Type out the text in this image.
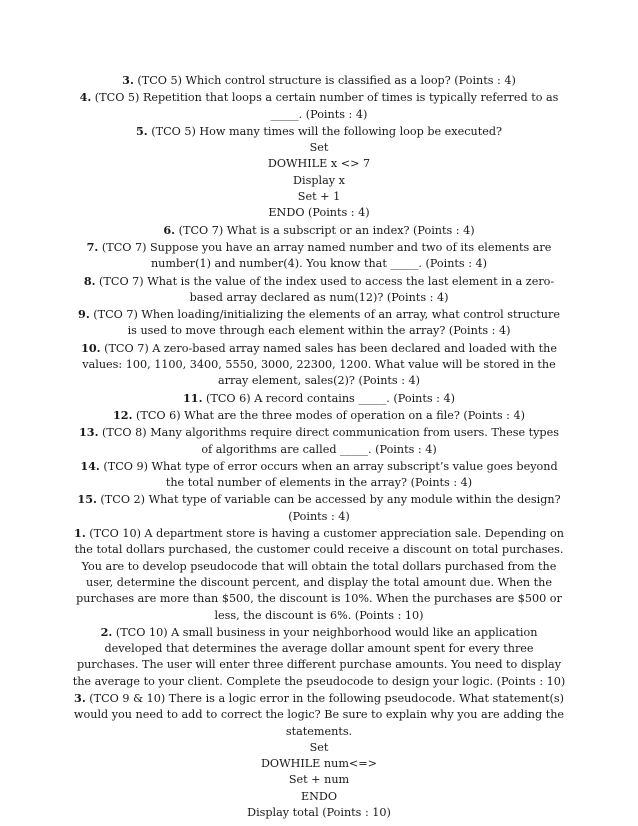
3. (TCO 5) Which control structure is classified as a loop? (Points : 4)

4. (TCO 5) Repetition that loops a certain number of times is typically referred to as _____. (Points : 4)

5. (TCO 5) How many times will the following loop be executed?

Set

DOWHILE x <> 7

Display x

Set + 1

ENDO (Points : 4)

6. (TCO 7) What is a subscript or an index? (Points : 4)

7. (TCO 7) Suppose you have an array named number and two of its elements are number(1) and number(4). You know that _____. (Points : 4)

8. (TCO 7) What is the value of the index used to access the last element in a zero-based array declared as num(12)? (Points : 4)

9. (TCO 7) When loading/initializing the elements of an array, what control structure is used to move through each element within the array? (Points : 4)

10. (TCO 7) A zero-based array named sales has been declared and loaded with the values: 100, 1100, 3400, 5550, 3000, 22300, 1200. What value will be stored in the array element, sales(2)? (Points : 4)

11. (TCO 6) A record contains _____. (Points : 4)

12. (TCO 6) What are the three modes of operation on a file? (Points : 4)

13. (TCO 8) Many algorithms require direct communication from users. These types of algorithms are called _____. (Points : 4)

14. (TCO 9) What type of error occurs when an array subscript’s value goes beyond the total number of elements in the array? (Points : 4)

15. (TCO 2) What type of variable can be accessed by any module within the design? (Points : 4)

1. (TCO 10) A department store is having a customer appreciation sale. Depending on the total dollars purchased, the customer could receive a discount on total purchases. You are to develop pseudocode that will obtain the total dollars purchased from the user, determine the discount percent, and display the total amount due. When the purchases are more than $500, the discount is 10%. When the purchases are $500 or less, the discount is 6%. (Points : 10)

2. (TCO 10) A small business in your neighborhood would like an application developed that determines the average dollar amount spent for every three purchases. The user will enter three different purchase amounts. You need to display the average to your client. Complete the pseudocode to design your logic. (Points : 10)

3. (TCO 9 & 10) There is a logic error in the following pseudocode. What statement(s) would you need to add to correct the logic? Be sure to explain why you are adding the statements.

Set

DOWHILE num<=>

Set + num

ENDO

Display total (Points : 10)
